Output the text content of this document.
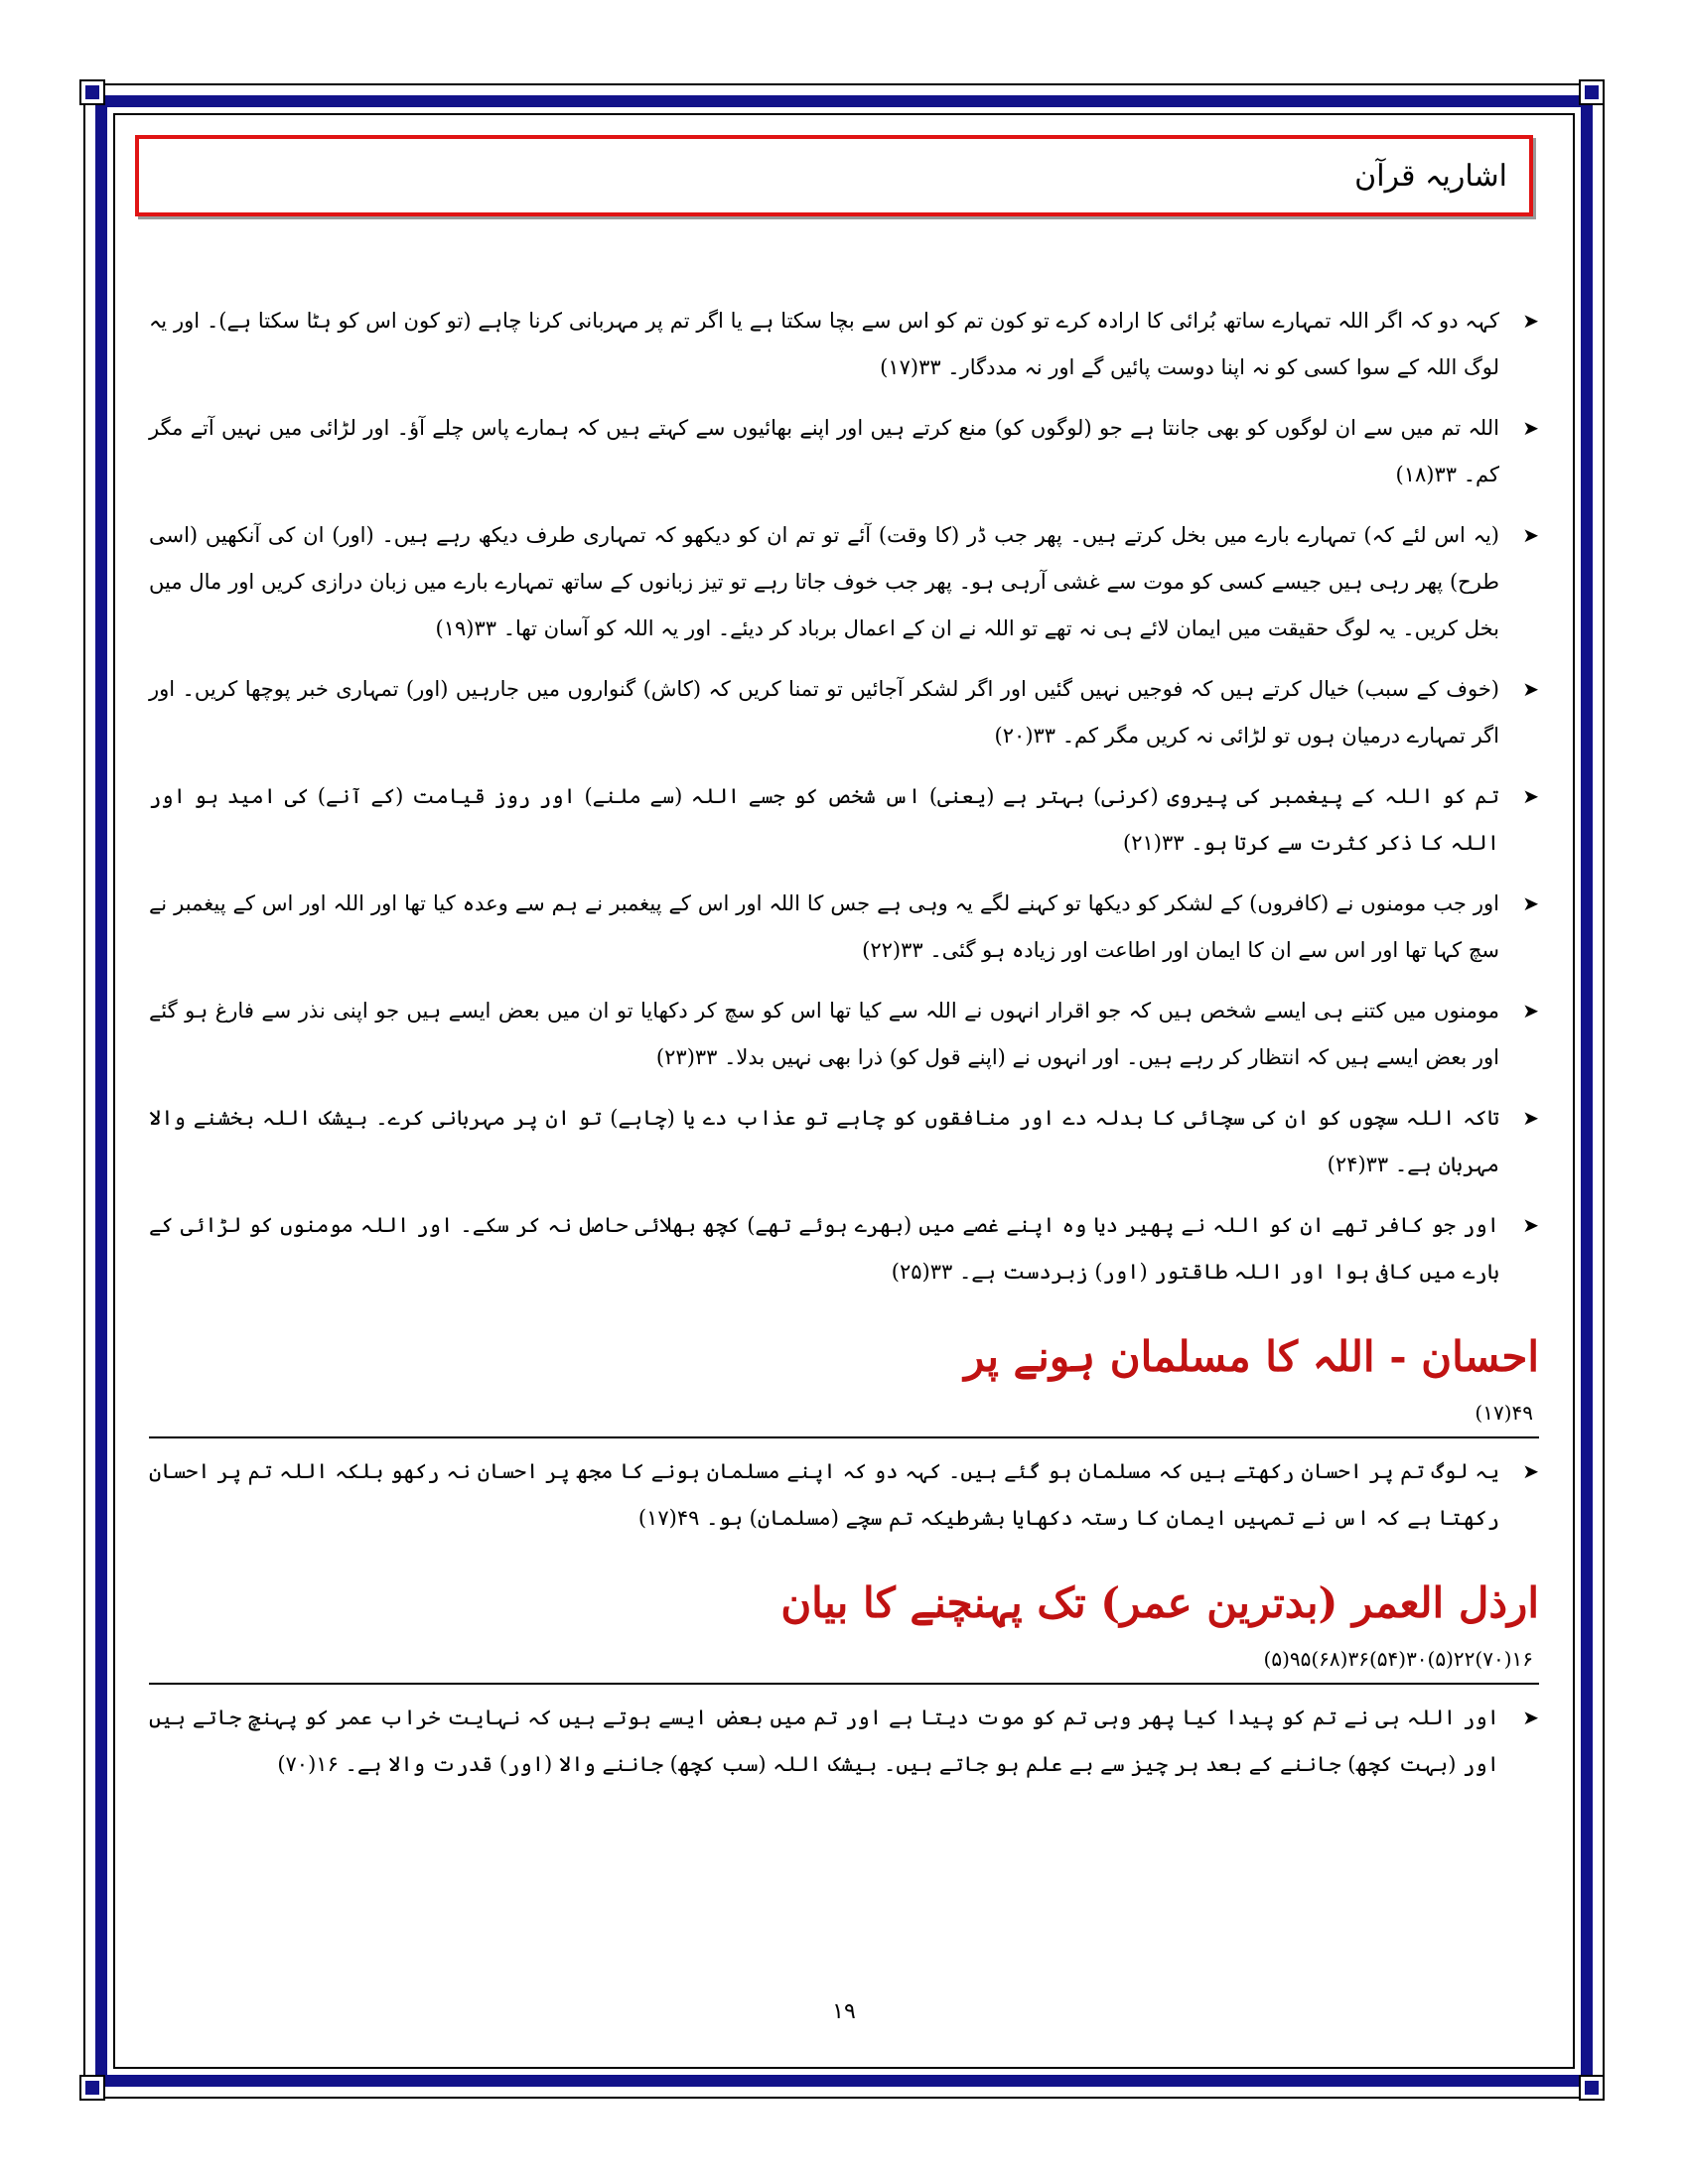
اشاریہ قرآن
➤
کہہ دو کہ اگر اللہ تمہارے ساتھ بُرائی کا ارادہ کرے تو کون تم کو اس سے بچا سکتا ہے یا اگر تم پر مہربانی کرنا چاہے (تو کون اس کو ہٹا سکتا ہے)۔ اور یہ لوگ اللہ کے سوا کسی کو نہ اپنا دوست پائیں گے اور نہ مددگار۔ ۳۳(۱۷)
➤
اللہ تم میں سے ان لوگوں کو بھی جانتا ہے جو (لوگوں کو) منع کرتے ہیں اور اپنے بھائیوں سے کہتے ہیں کہ ہمارے پاس چلے آؤ۔ اور لڑائی میں نہیں آتے مگر کم۔ ۳۳(۱۸)
➤
(یہ اس لئے کہ) تمہارے بارے میں بخل کرتے ہیں۔ پھر جب ڈر (کا وقت) آئے تو تم ان کو دیکھو کہ تمہاری طرف دیکھ رہے ہیں۔ (اور) ان کی آنکھیں (اسی طرح) پھر رہی ہیں جیسے کسی کو موت سے غشی آرہی ہو۔ پھر جب خوف جاتا رہے تو تیز زبانوں کے ساتھ تمہارے بارے میں زبان درازی کریں اور مال میں بخل کریں۔ یہ لوگ حقیقت میں ایمان لائے ہی نہ تھے تو اللہ نے ان کے اعمال برباد کر دیئے۔ اور یہ اللہ کو آسان تھا۔ ۳۳(۱۹)
➤
(خوف کے سبب) خیال کرتے ہیں کہ فوجیں نہیں گئیں اور اگر لشکر آجائیں تو تمنا کریں کہ (کاش) گنواروں میں جارہیں (اور) تمہاری خبر پوچھا کریں۔ اور اگر تمہارے درمیان ہوں تو لڑائی نہ کریں مگر کم۔ ۳۳(۲۰)
➤
تم کو اللہ کے پیغمبر کی پیروی (کرنی) بہتر ہے (یعنی) اس شخص کو جسے اللہ (سے ملنے) اور روز قیامت (کے آنے) کی امید ہو اور اللہ کا ذکر کثرت سے کرتا ہو۔ ۳۳(۲۱)
➤
اور جب مومنوں نے (کافروں) کے لشکر کو دیکھا تو کہنے لگے یہ وہی ہے جس کا اللہ اور اس کے پیغمبر نے ہم سے وعدہ کیا تھا اور اللہ اور اس کے پیغمبر نے سچ کہا تھا اور اس سے ان کا ایمان اور اطاعت اور زیادہ ہو گئی۔ ۳۳(۲۲)
➤
مومنوں میں کتنے ہی ایسے شخص ہیں کہ جو اقرار انہوں نے اللہ سے کیا تھا اس کو سچ کر دکھایا تو ان میں بعض ایسے ہیں جو اپنی نذر سے فارغ ہو گئے اور بعض ایسے ہیں کہ انتظار کر رہے ہیں۔ اور انہوں نے (اپنے قول کو) ذرا بھی نہیں بدلا۔ ۳۳(۲۳)
➤
تاکہ اللہ سچوں کو ان کی سچائی کا بدلہ دے اور منافقوں کو چاہے تو عذاب دے یا (چاہے) تو ان پر مہربانی کرے۔ بیشک اللہ بخشنے والا مہربان ہے۔ ۳۳(۲۴)
➤
اور جو کافر تھے ان کو اللہ نے پھیر دیا وہ اپنے غصے میں (بھرے ہوئے تھے) کچھ بھلائی حاصل نہ کر سکے۔ اور اللہ مومنوں کو لڑائی کے بارے میں کافی ہوا اور اللہ طاقتور (اور) زبردست ہے۔ ۳۳(۲۵)
احسان - اللہ کا مسلمان ہونے پر
۴۹(۱۷)
➤
یہ لوگ تم پر احسان رکھتے ہیں کہ مسلمان ہو گئے ہیں۔ کہہ دو کہ اپنے مسلمان ہونے کا مجھ پر احسان نہ رکھو بلکہ اللہ تم پر احسان رکھتا ہے کہ اس نے تمہیں ایمان کا رستہ دکھایا بشرطیکہ تم سچے (مسلمان) ہو۔ ۴۹(۱۷)
ارذل العمر (بدترین عمر) تک پہنچنے کا بیان
۱۶(۷۰)۲۲(۵)۳۰(۵۴)۳۶(۶۸)۹۵(۵)
➤
اور اللہ ہی نے تم کو پیدا کیا پھر وہی تم کو موت دیتا ہے اور تم میں بعض ایسے ہوتے ہیں کہ نہایت خراب عمر کو پہنچ جاتے ہیں اور (بہت کچھ) جاننے کے بعد ہر چیز سے بے علم ہو جاتے ہیں۔ بیشک اللہ (سب کچھ) جاننے والا (اور) قدرت والا ہے۔ ۱۶(۷۰)
۱۹
